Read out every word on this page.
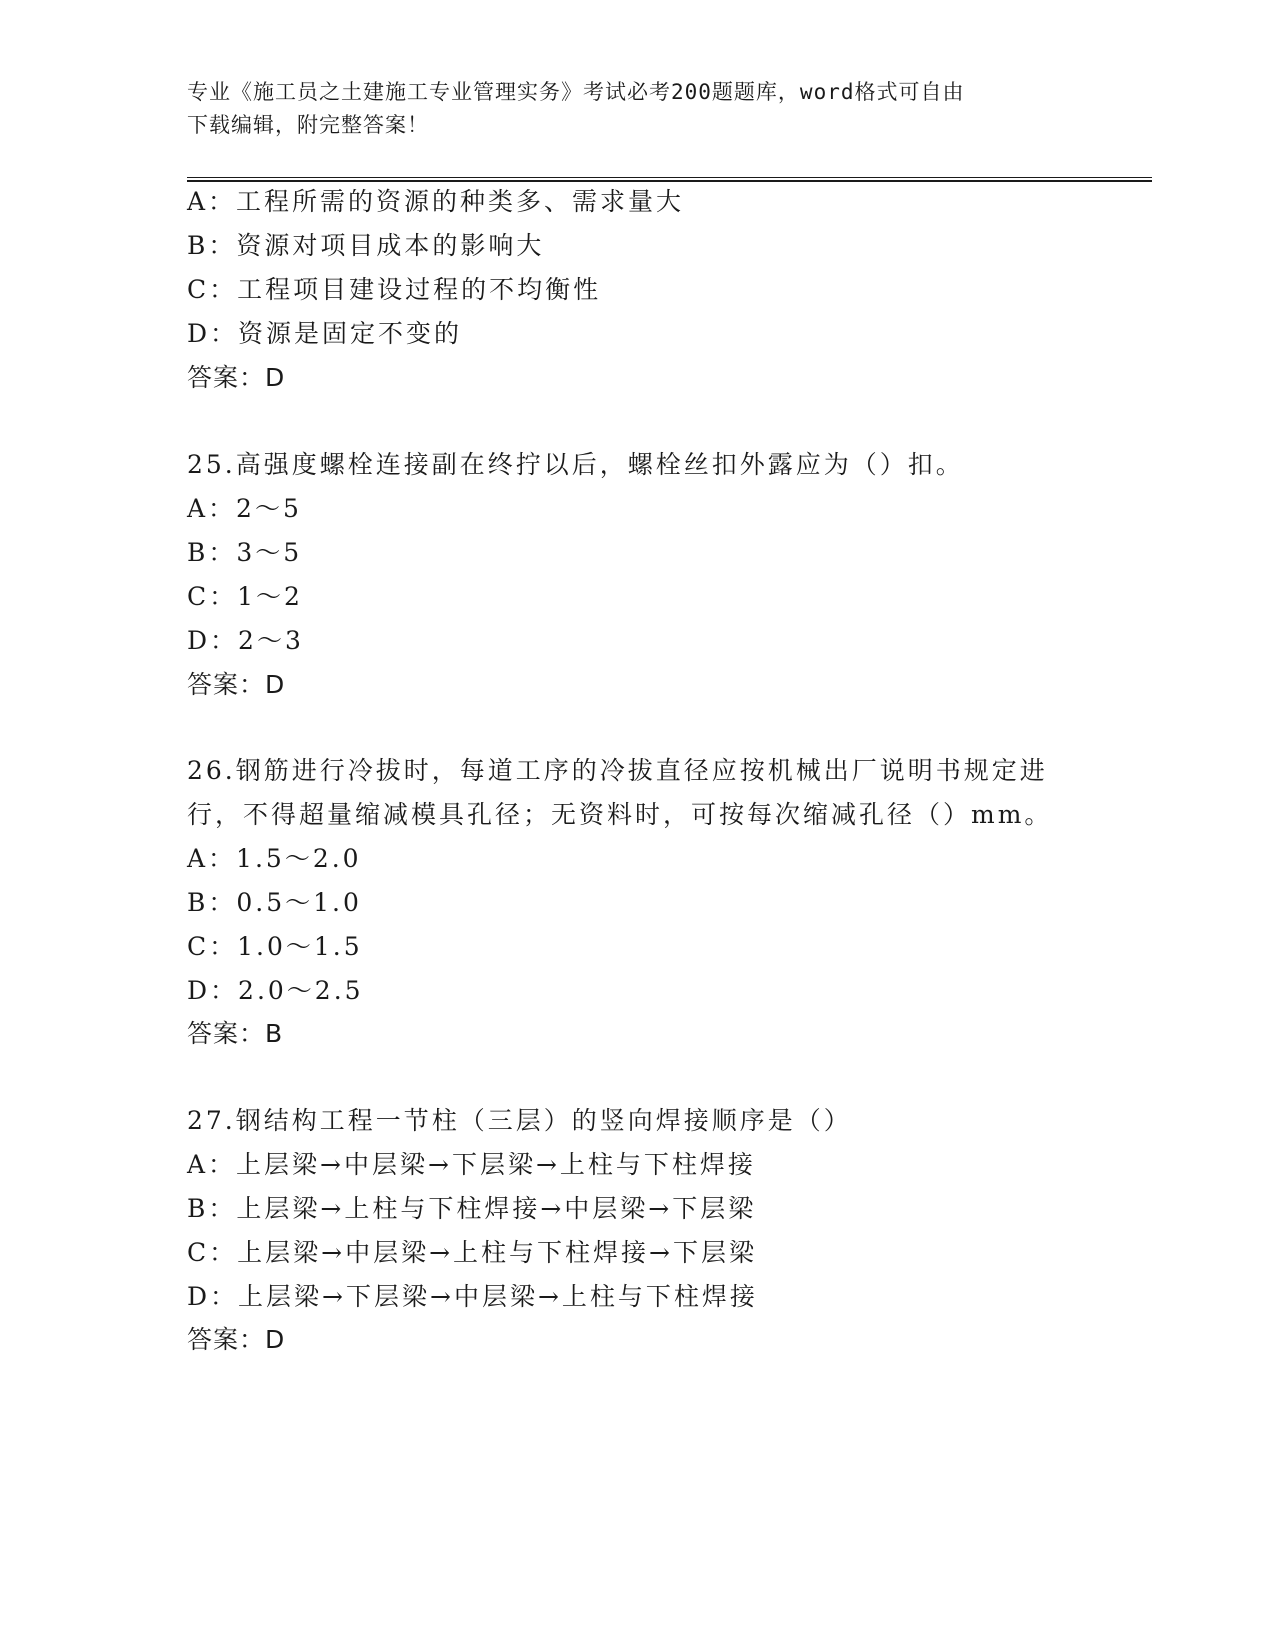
专业《施工员之土建施工专业管理实务》考试必考200题题库，word格式可自由
下载编辑，附完整答案！
A：工程所需的资源的种类多、需求量大
B：资源对项目成本的影响大
C：工程项目建设过程的不均衡性
D：资源是固定不变的
答案：D
25.高强度螺栓连接副在终拧以后，螺栓丝扣外露应为（）扣。
A：2～5
B：3～5
C：1～2
D：2～3
答案：D
26.钢筋进行冷拔时，每道工序的冷拔直径应按机械出厂说明书规定进
行，不得超量缩减模具孔径；无资料时，可按每次缩减孔径（）mm。
A：1.5～2.0
B：0.5～1.0
C：1.0～1.5
D：2.0～2.5
答案：B
27.钢结构工程一节柱（三层）的竖向焊接顺序是（）
A：上层梁→中层梁→下层梁→上柱与下柱焊接
B：上层梁→上柱与下柱焊接→中层梁→下层梁
C：上层梁→中层梁→上柱与下柱焊接→下层梁
D：上层梁→下层梁→中层梁→上柱与下柱焊接
答案：D
